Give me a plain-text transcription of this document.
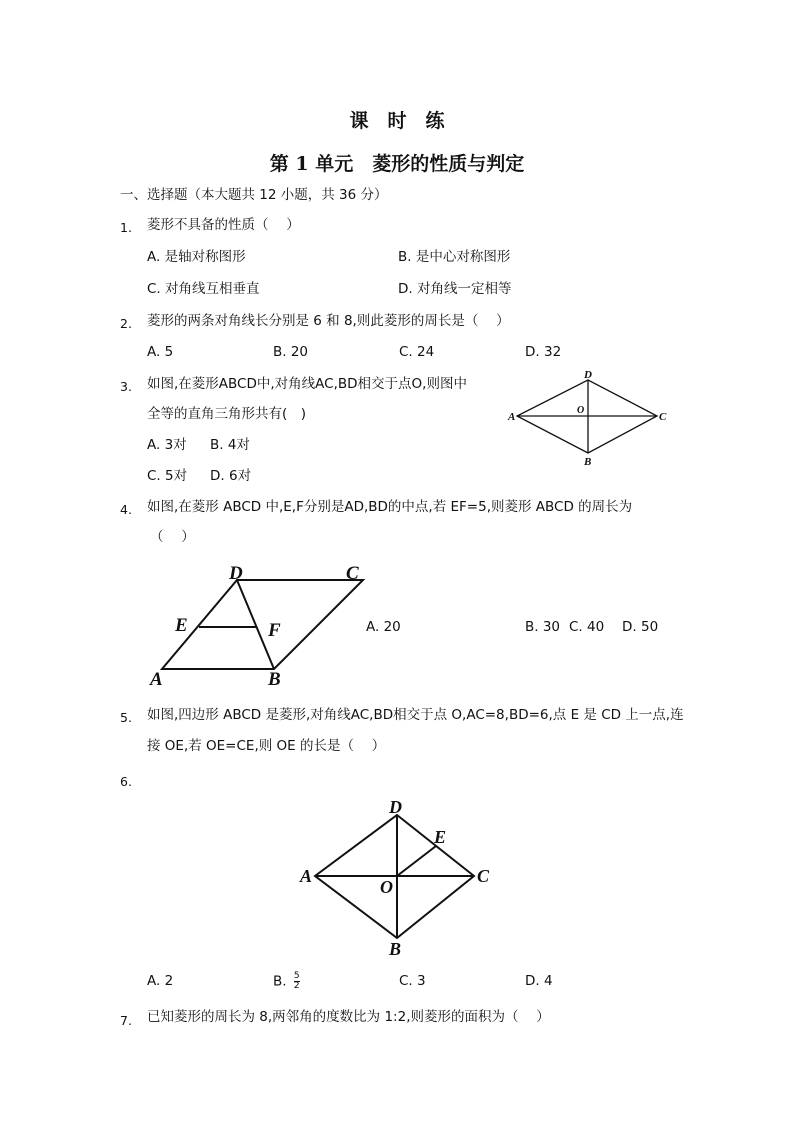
课　时　练
第 1 单元　菱形的性质与判定
一、选择题（本大题共 12 小题，共 36 分）
1. 菱形不具备的性质（　 ）
A. 是轴对称图形	B. 是中心对称图形
C. 对角线互相垂直	D. 对角线一定相等
2. 菱形的两条对角线长分别是 6 和 8,则此菱形的周长是（　 ）
A. 5	B. 20	C. 24	D. 32
3. 如图,在菱形ABCD中,对角线AC,BD相交于点O,则图中
全等的直角三角形共有(　)
A. 3对 B. 4对
C. 5对 D. 6对
D
A
O
C
B
4. 如图,在菱形 ABCD 中,E,F分别是AD,BD的中点,若 EF=5,则菱形 ABCD 的周长为
（　 ）
D	C
E	F
A	B
A. 20	B. 30 C. 40 D. 50
5. 如图,四边形 ABCD 是菱形,对角线AC,BD相交于点 O,AC=8,BD=6,点 E 是 CD 上一点,连
接 OE,若 OE=CE,则 OE 的长是（　 ）
6.
D
E
A
O
C
B
A. 2	B. $\frac{5}{2}$	C. 3	D. 4
7. 已知菱形的周长为 8,两邻角的度数比为 1:2,则菱形的面积为（　 ）
